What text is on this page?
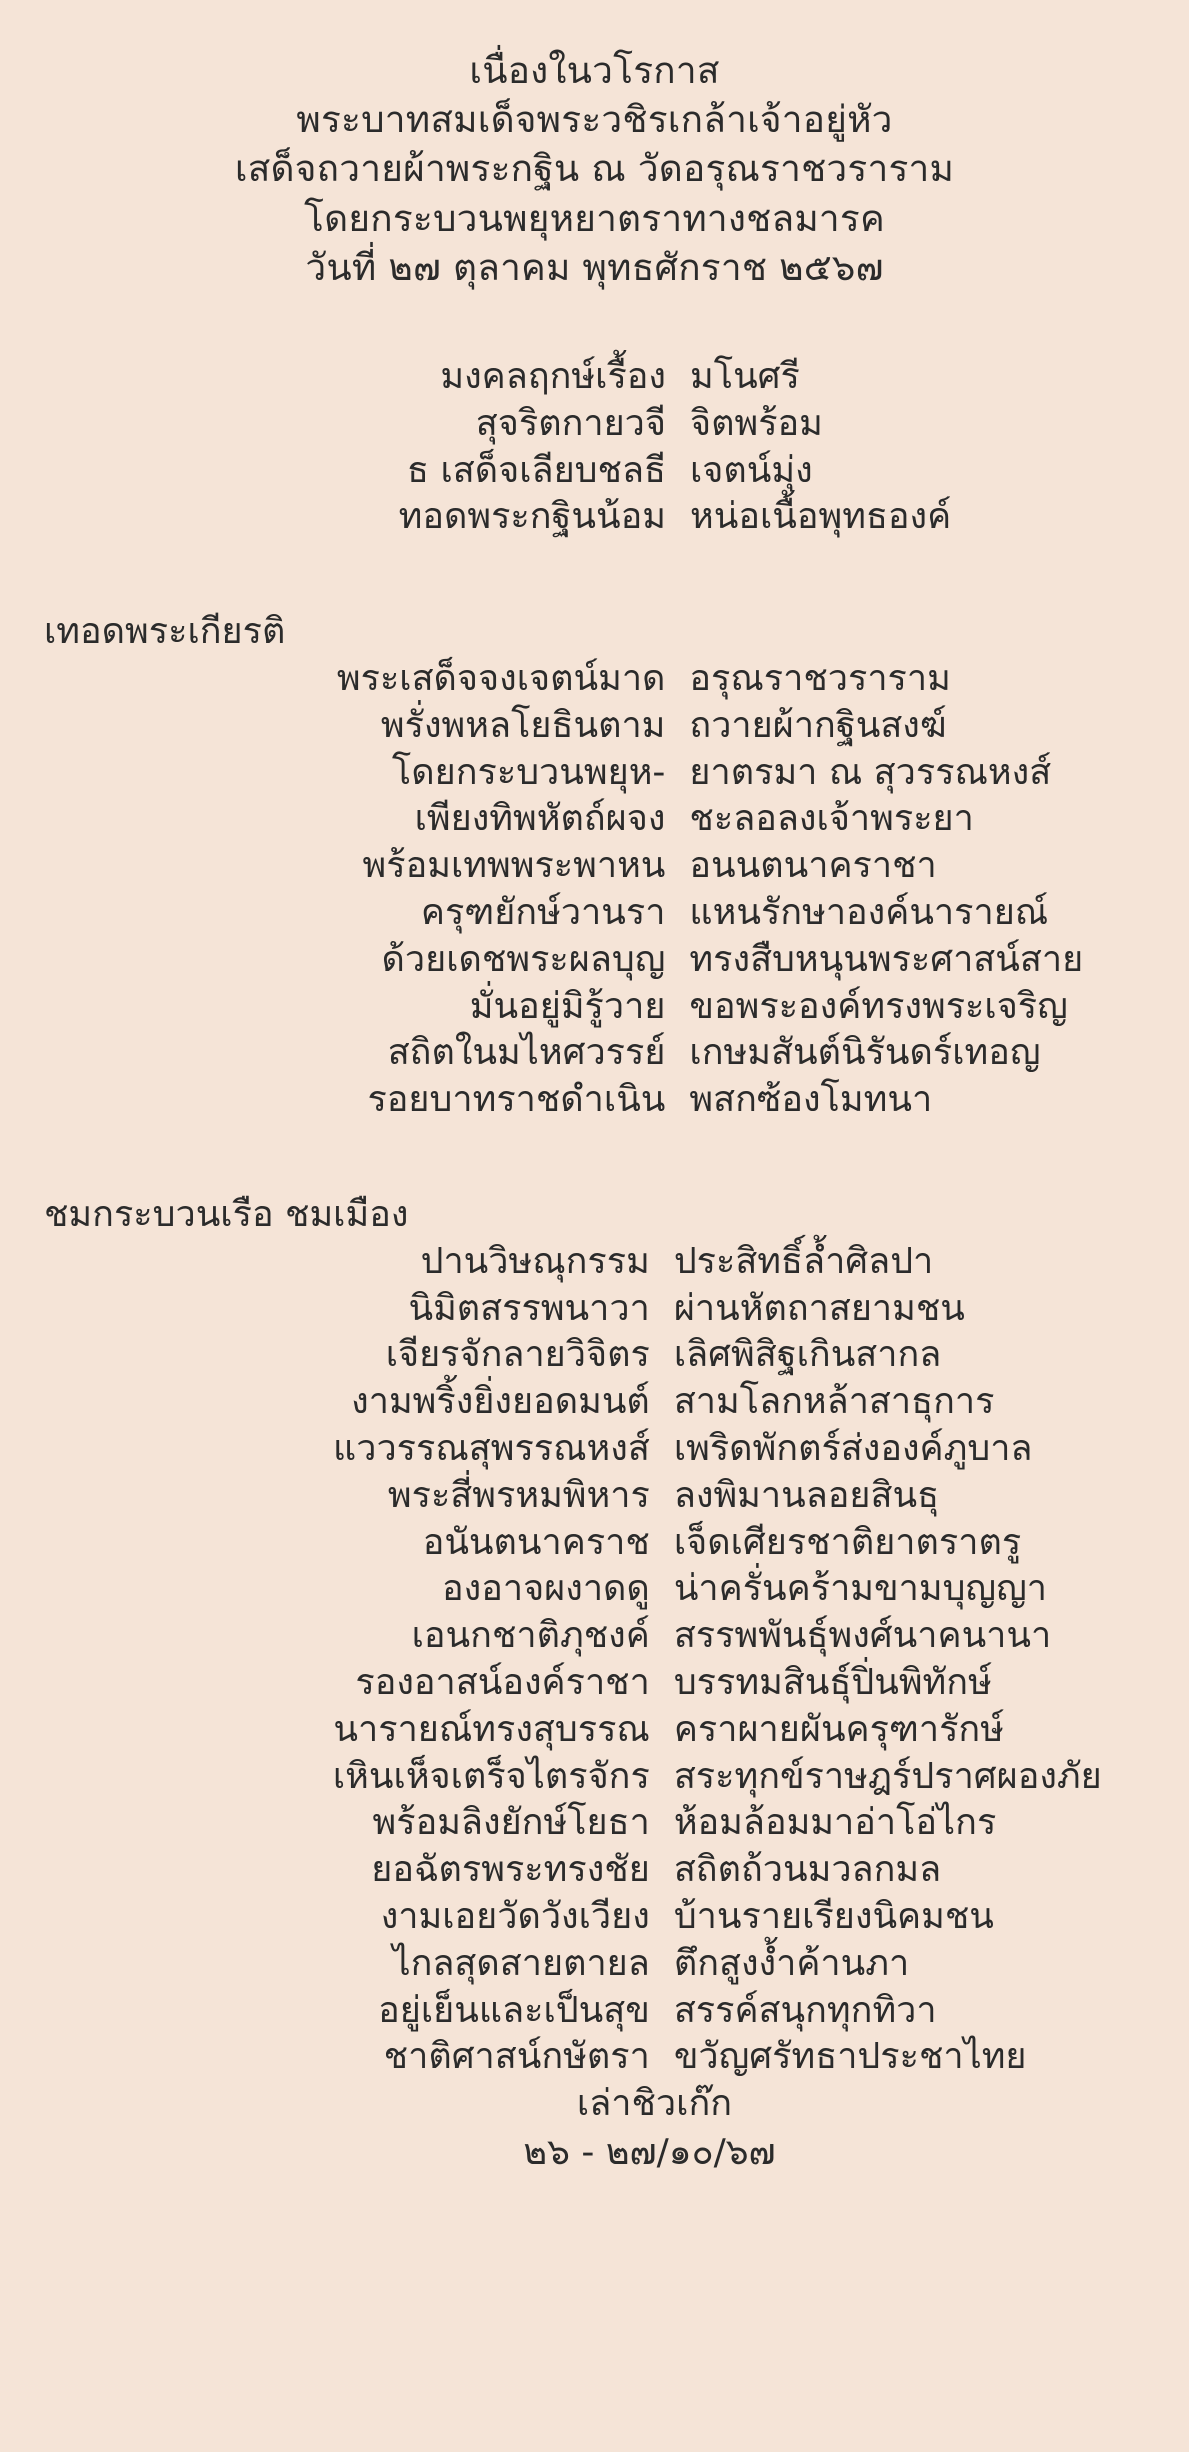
เนื่องในวโรกาส
พระบาทสมเด็จพระวชิรเกล้าเจ้าอยู่หัว
เสด็จถวายผ้าพระกฐิน ณ วัดอรุณราชวราราม
โดยกระบวนพยุหยาตราทางชลมารค
วันที่ ๒๗ ตุลาคม พุทธศักราช ๒๕๖๗
มงคลฤกษ์เรื้อง มโนศรี
สุจริตกายวจี จิตพร้อม
ธ เสด็จเลียบชลธี เจตน์มุ่ง
ทอดพระกฐินน้อม หน่อเนื้อพุทธองค์
เทอดพระเกียรติ
พระเสด็จจงเจตน์มาด อรุณราชวราราม
พรั่งพหลโยธินตาม ถวายผ้ากฐินสงฆ์
โดยกระบวนพยุห- ยาตรมา ณ สุวรรณหงส์
เพียงทิพหัตถ์ผจง ชะลอลงเจ้าพระยา
พร้อมเทพพระพาหน อนนตนาคราชา
ครุฑยักษ์วานรา แหนรักษาองค์นารายณ์
ด้วยเดชพระผลบุญ ทรงสืบหนุนพระศาสน์สาย
มั่นอยู่มิรู้วาย ขอพระองค์ทรงพระเจริญ
สถิตในมไหศวรรย์ เกษมสันต์นิรันดร์เทอญ
รอยบาทราชดำเนิน พสกซ้องโมทนา
ชมกระบวนเรือ ชมเมือง
ปานวิษณุกรรม ประสิทธิ์ล้ำศิลปา
นิมิตสรรพนาวา ผ่านหัตถาสยามชน
เจียรจักลายวิจิตร เลิศพิสิฐเกินสากล
งามพริ้งยิ่งยอดมนต์ สามโลกหล้าสาธุการ
แววรรณสุพรรณหงส์ เพริดพักตร์ส่งองค์ภูบาล
พระสี่พรหมพิหาร ลงพิมานลอยสินธุ
อนันตนาคราช เจ็ดเศียรชาติยาตราตรู
องอาจผงาดดู น่าครั่นคร้ามขามบุญญา
เอนกชาติภุชงค์ สรรพพันธุ์พงศ์นาคนานา
รองอาสน์องค์ราชา บรรทมสินธุ์ปิ่นพิทักษ์
นารายณ์ทรงสุบรรณ คราผายผันครุฑารักษ์
เหินเห็จเตร็จไตรจักร สระทุกข์ราษฎร์ปราศผองภัย
พร้อมลิงยักษ์โยธา ห้อมล้อมมาอ่าโอ่ไกร
ยอฉัตรพระทรงชัย สถิตถ้วนมวลกมล
งามเอยวัดวังเวียง บ้านรายเรียงนิคมชน
ไกลสุดสายตายล ตึกสูงง้ำค้านภา
อยู่เย็นและเป็นสุข สรรค์สนุกทุกทิวา
ชาติศาสน์กษัตรา ขวัญศรัทธาประชาไทย
เล่าชิวเก๊ก
๒๖ - ๒๗/๑๐/๖๗
